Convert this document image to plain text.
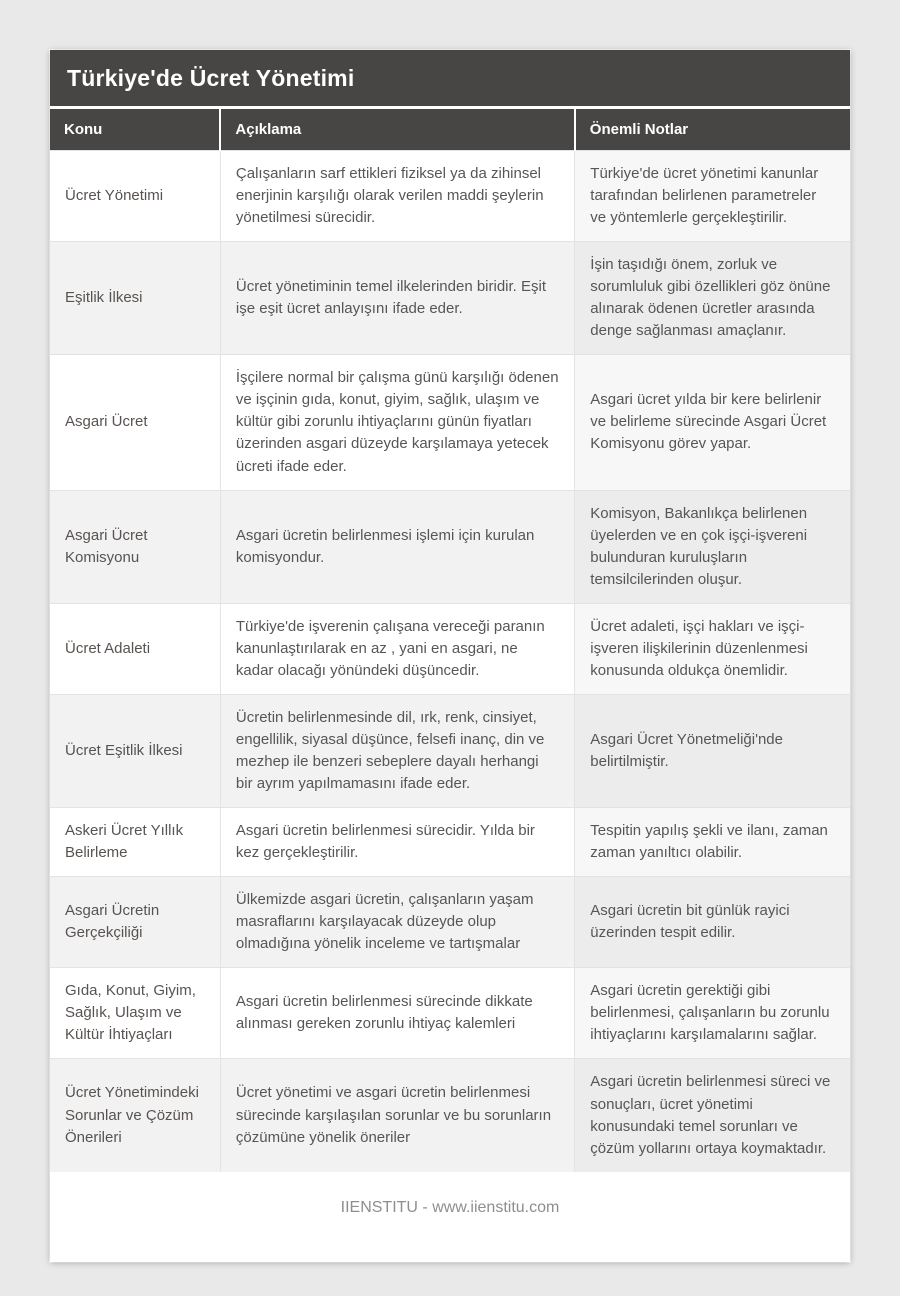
Türkiye'de Ücret Yönetimi
Konu	Açıklama	Önemli Notlar
Ücret Yönetimi	Çalışanların sarf ettikleri fiziksel ya da zihinsel enerjinin karşılığı olarak verilen maddi şeylerin yönetilmesi sürecidir.	Türkiye'de ücret yönetimi kanunlar tarafından belirlenen parametreler ve yöntemlerle gerçekleştirilir.
Eşitlik İlkesi	Ücret yönetiminin temel ilkelerinden biridir. Eşit işe eşit ücret anlayışını ifade eder.	İşin taşıdığı önem, zorluk ve sorumluluk gibi özellikleri göz önüne alınarak ödenen ücretler arasında denge sağlanması amaçlanır.
Asgari Ücret	İşçilere normal bir çalışma günü karşılığı ödenen ve işçinin gıda, konut, giyim, sağlık, ulaşım ve kültür gibi zorunlu ihtiyaçlarını günün fiyatları üzerinden asgari düzeyde karşılamaya yetecek ücreti ifade eder.	Asgari ücret yılda bir kere belirlenir ve belirleme sürecinde Asgari Ücret Komisyonu görev yapar.
Asgari Ücret Komisyonu	Asgari ücretin belirlenmesi işlemi için kurulan komisyondur.	Komisyon, Bakanlıkça belirlenen üyelerden ve en çok işçi-işvereni bulunduran kuruluşların temsilcilerinden oluşur.
Ücret Adaleti	Türkiye'de işverenin çalışana vereceği paranın kanunlaştırılarak en az , yani en asgari, ne kadar olacağı yönündeki düşüncedir.	Ücret adaleti, işçi hakları ve işçi-işveren ilişkilerinin düzenlenmesi konusunda oldukça önemlidir.
Ücret Eşitlik İlkesi	Ücretin belirlenmesinde dil, ırk, renk, cinsiyet, engellilik, siyasal düşünce, felsefi inanç, din ve mezhep ile benzeri sebeplere dayalı herhangi bir ayrım yapılmamasını ifade eder.	Asgari Ücret Yönetmeliği'nde belirtilmiştir.
Askeri Ücret Yıllık Belirleme	Asgari ücretin belirlenmesi sürecidir. Yılda bir kez gerçekleştirilir.	Tespitin yapılış şekli ve ilanı, zaman zaman yanıltıcı olabilir.
Asgari Ücretin Gerçekçiliği	Ülkemizde asgari ücretin, çalışanların yaşam masraflarını karşılayacak düzeyde olup olmadığına yönelik inceleme ve tartışmalar	Asgari ücretin bit günlük rayici üzerinden tespit edilir.
Gıda, Konut, Giyim, Sağlık, Ulaşım ve Kültür İhtiyaçları	Asgari ücretin belirlenmesi sürecinde dikkate alınması gereken zorunlu ihtiyaç kalemleri	Asgari ücretin gerektiği gibi belirlenmesi, çalışanların bu zorunlu ihtiyaçlarını karşılamalarını sağlar.
Ücret Yönetimindeki Sorunlar ve Çözüm Önerileri	Ücret yönetimi ve asgari ücretin belirlenmesi sürecinde karşılaşılan sorunlar ve bu sorunların çözümüne yönelik öneriler	Asgari ücretin belirlenmesi süreci ve sonuçları, ücret yönetimi konusundaki temel sorunları ve çözüm yollarını ortaya koymaktadır.
IIENSTITU - www.iienstitu.com
